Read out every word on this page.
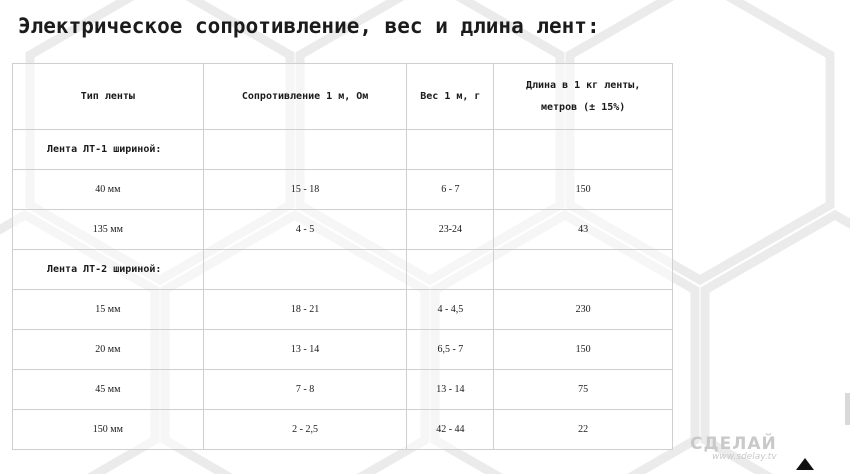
Электрическое сопротивление, вес и длина лент:
Тип ленты	Сопротивление 1 м, Ом	Вес 1 м, г	Длина в 1 кг ленты,
метров (± 15%)
Лента ЛТ-1 шириной:			
40 мм	15 - 18	6 - 7	150
135 мм	4 - 5	23-24	43
Лента ЛТ-2 шириной:			
15 мм	18 - 21	4 - 4,5	230
20 мм	13 - 14	6,5 - 7	150
45 мм	7 - 8	13 - 14	75
150 мм	2 - 2,5	42 - 44	22
СДЕЛАЙ
www.sdelay.tv
